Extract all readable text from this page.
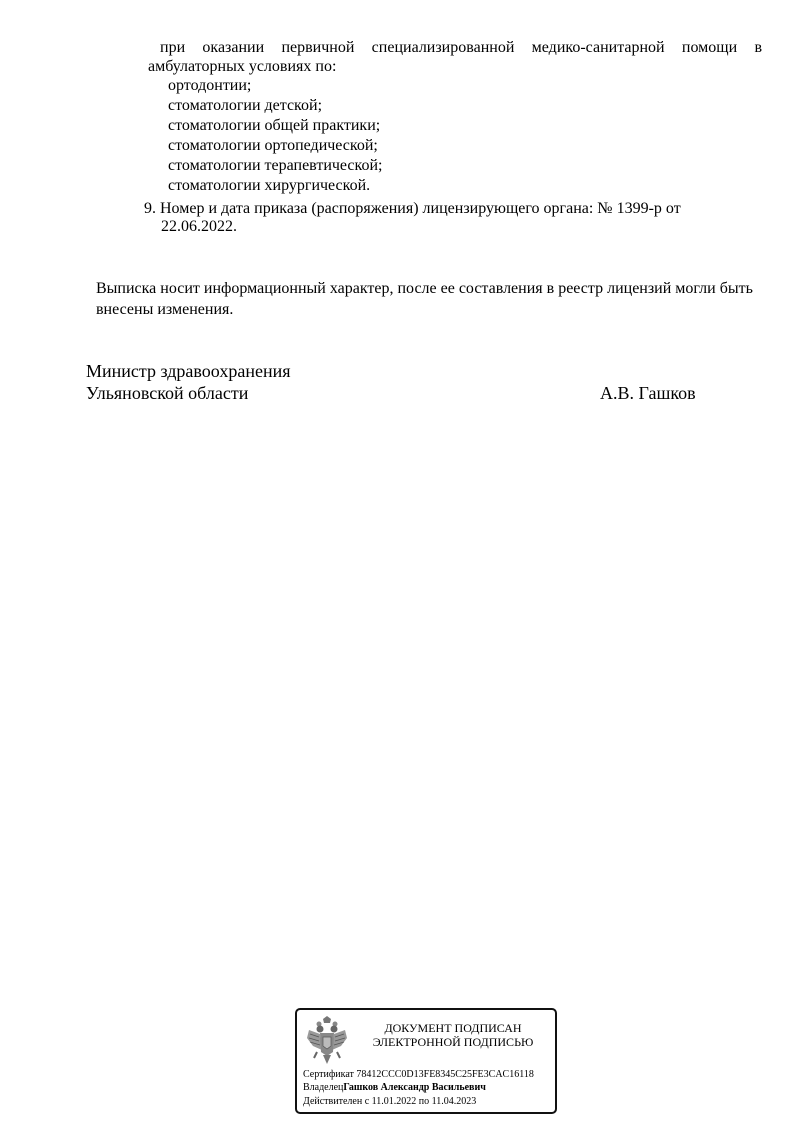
при оказании первичной специализированной медико-санитарной помощи в
амбулаторных условиях по:
ортодонтии;
стоматологии детской;
стоматологии общей практики;
стоматологии ортопедической;
стоматологии терапевтической;
стоматологии хирургической.
9. Номер и дата приказа (распоряжения) лицензирующего органа: № 1399-р от
22.06.2022.
Выписка носит информационный характер, после ее составления в реестр лицензий могли быть внесены изменения.
Министр здравоохранения
Ульяновской области	А.В. Гашков
ДОКУМЕНТ ПОДПИСАН
ЭЛЕКТРОННОЙ ПОДПИСЬЮ
Сертификат 78412CCC0D13FE8345C25FE3CAC16118
ВладелецГашков Александр Васильевич
Действителен с 11.01.2022 по 11.04.2023
